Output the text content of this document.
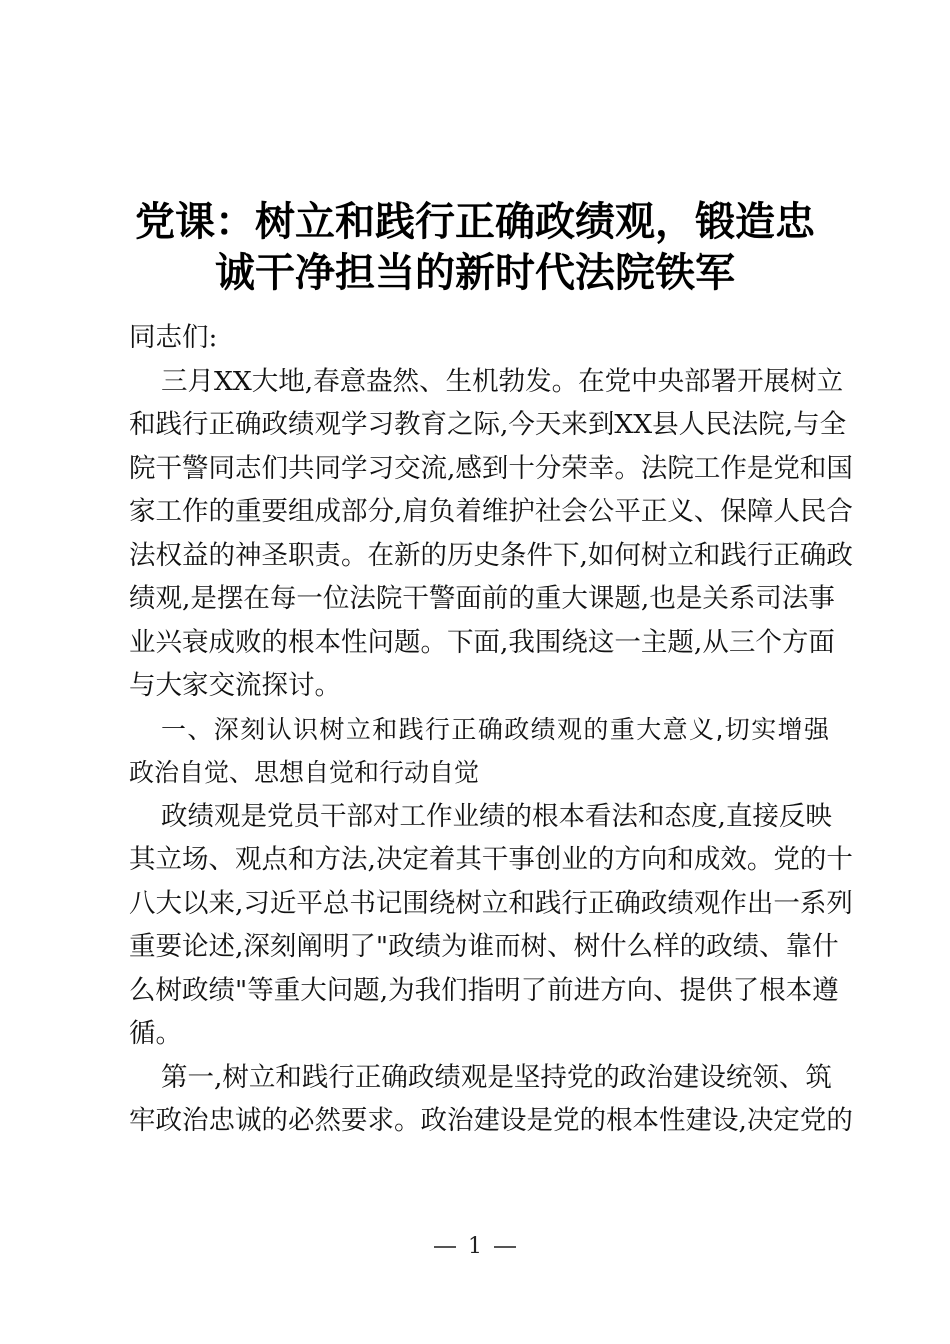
党课：树立和践行正确政绩观，锻造忠
诚干净担当的新时代法院铁军
同志们:
三月XX大地,春意盎然、生机勃发。在党中央部署开展树立
和践行正确政绩观学习教育之际,今天来到XX县人民法院,与全
院干警同志们共同学习交流,感到十分荣幸。法院工作是党和国
家工作的重要组成部分,肩负着维护社会公平正义、保障人民合
法权益的神圣职责。在新的历史条件下,如何树立和践行正确政
绩观,是摆在每一位法院干警面前的重大课题,也是关系司法事
业兴衰成败的根本性问题。下面,我围绕这一主题,从三个方面
与大家交流探讨。
一、深刻认识树立和践行正确政绩观的重大意义,切实增强
政治自觉、思想自觉和行动自觉
政绩观是党员干部对工作业绩的根本看法和态度,直接反映
其立场、观点和方法,决定着其干事创业的方向和成效。党的十
八大以来,习近平总书记围绕树立和践行正确政绩观作出一系列
重要论述,深刻阐明了"政绩为谁而树、树什么样的政绩、靠什
么树政绩"等重大问题,为我们指明了前进方向、提供了根本遵
循。
第一,树立和践行正确政绩观是坚持党的政治建设统领、筑
牢政治忠诚的必然要求。政治建设是党的根本性建设,决定党的
1
